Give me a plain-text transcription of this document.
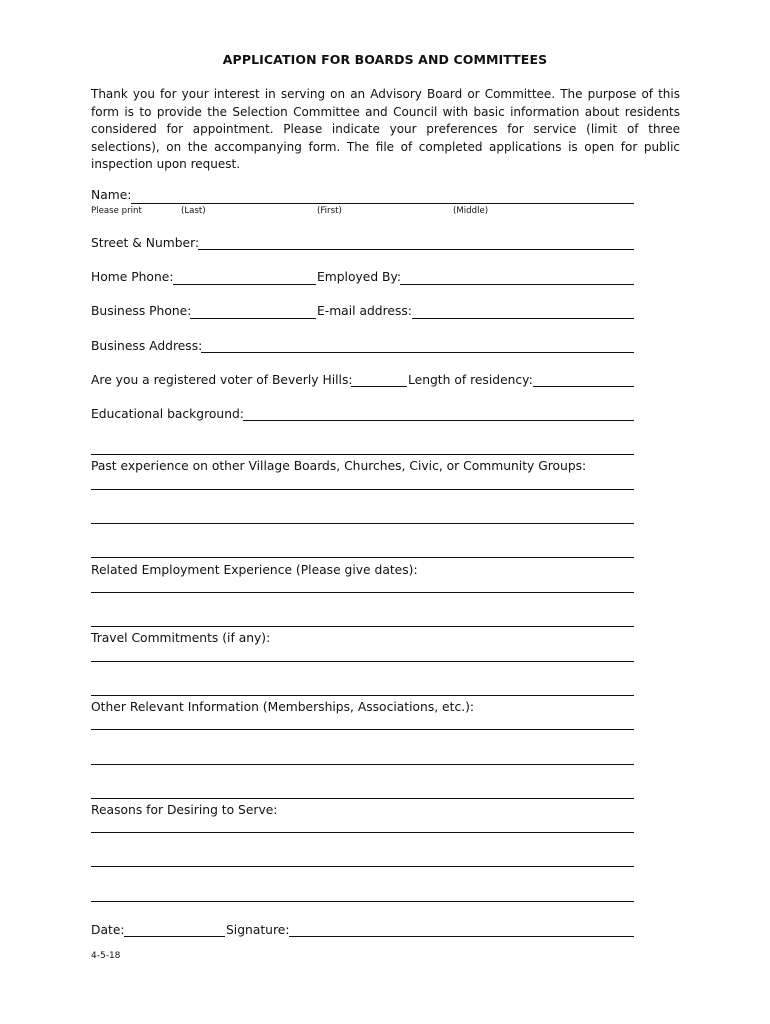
APPLICATION FOR BOARDS AND COMMITTEES
Thank you for your interest in serving on an Advisory Board or Committee. The purpose of this form is to provide the Selection Committee and Council with basic information about residents considered for appointment. Please indicate your preferences for service (limit of three selections), on the accompanying form. The file of completed applications is open for public inspection upon request.
Name:
Please print	(Last)	(First)	(Middle)
Street & Number:
Home Phone:	Employed By:
Business Phone:	E-mail address:
Business Address:
Are you a registered voter of Beverly Hills:	Length of residency:
Educational background:
Past experience on other Village Boards, Churches, Civic, or Community Groups:
Related Employment Experience (Please give dates):
Travel Commitments (if any):
Other Relevant Information (Memberships, Associations, etc.):
Reasons for Desiring to Serve:
Date:	Signature:
4-5-18
